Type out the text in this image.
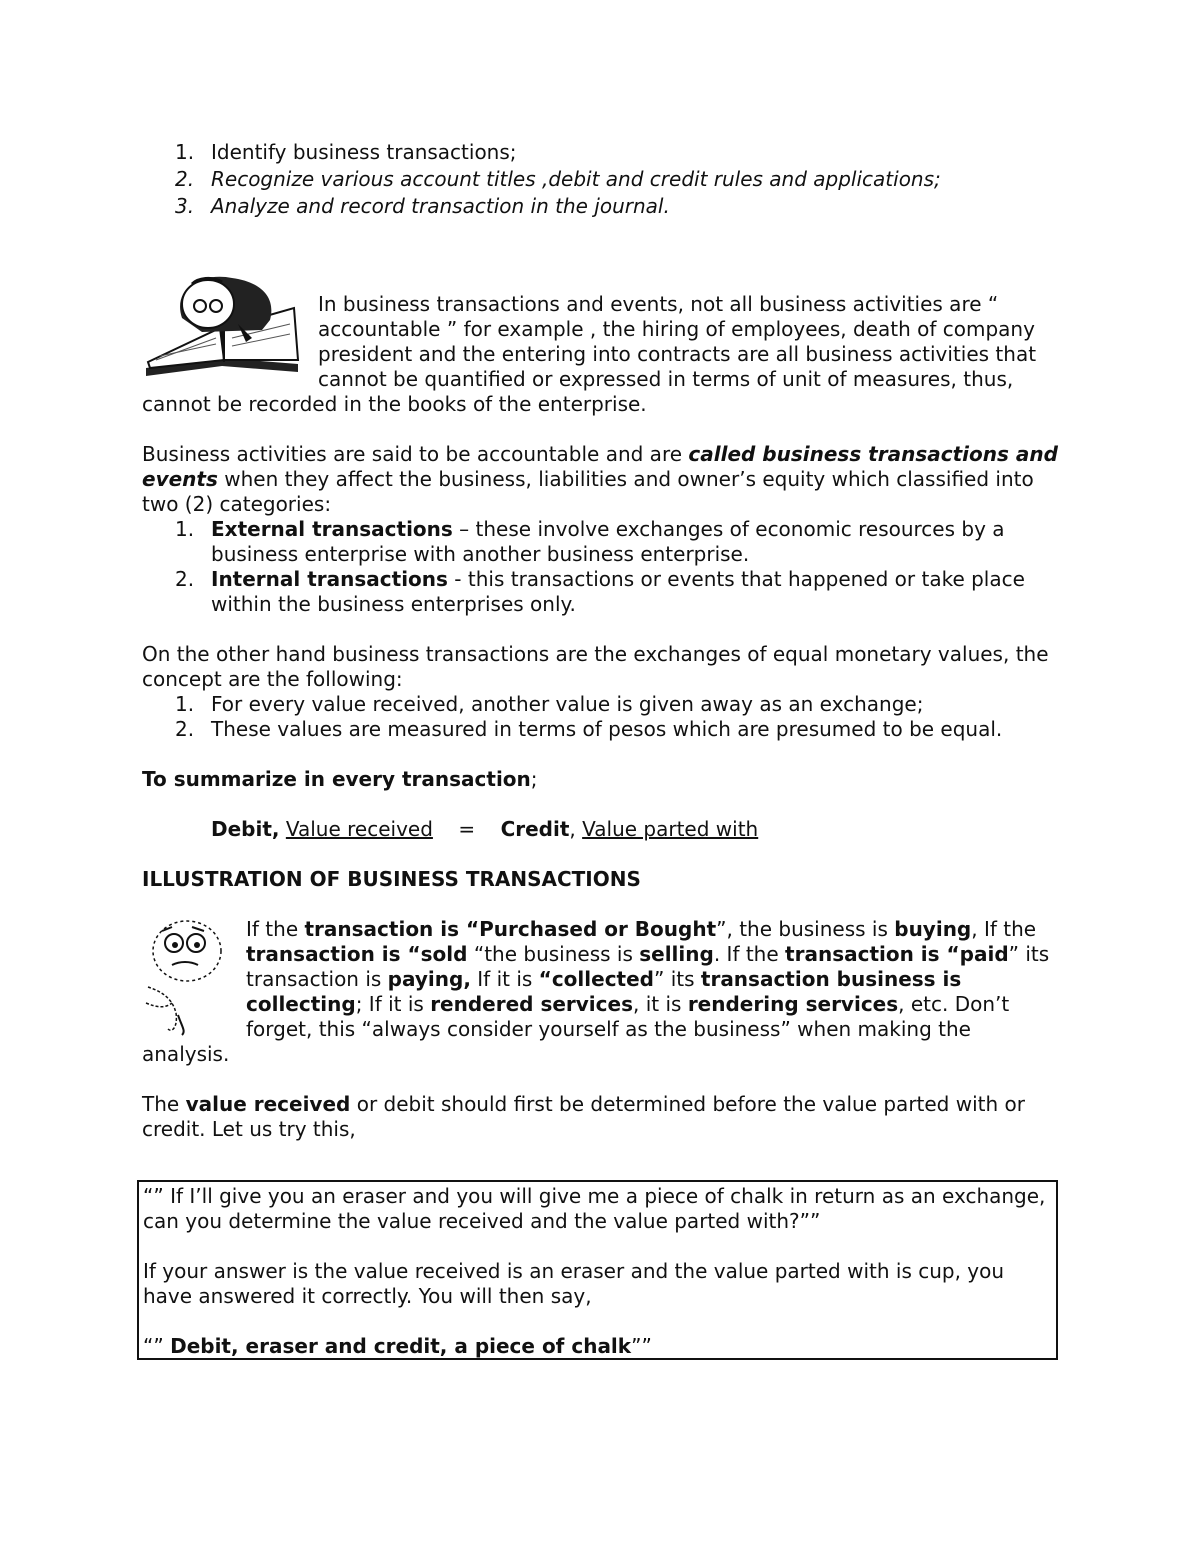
1. Identify business transactions;
2. Recognize various account titles ,debit and credit rules and applications;
3. Analyze and record transaction in the journal.

In business transactions and events, not all business activities are “ accountable ” for example , the hiring of employees, death of company president and the entering into contracts are all business activities that cannot be quantified or expressed in terms of unit of measures, thus, cannot be recorded in the books of the enterprise.

Business activities are said to be accountable and are called business transactions and events when they affect the business, liabilities and owner’s equity which classified into two (2) categories:

1. External transactions – these involve exchanges of economic resources by a business enterprise with another business enterprise.
2. Internal transactions - this transactions or events that happened or take place within the business enterprises only.

On the other hand business transactions are the exchanges of equal monetary values, the concept are the following:

1. For every value received, another value is given away as an exchange;
2. These values are measured in terms of pesos which are presumed to be equal.

To summarize in every transaction;

Debit, Value received = Credit, Value parted with

ILLUSTRATION OF BUSINESS TRANSACTIONS

If the transaction is “Purchased or Bought”, the business is buying, If the transaction is “sold “the business is selling. If the transaction is “paid” its transaction is paying, If it is “collected” its transaction business is collecting; If it is rendered services, it is rendering services, etc. Don’t forget, this “always consider yourself as the business” when making the analysis.

The value received or debit should first be determined before the value parted with or credit. Let us try this,

“” If I’ll give you an eraser and you will give me a piece of chalk in return as an exchange, can you determine the value received and the value parted with?””

If your answer is the value received is an eraser and the value parted with is cup, you have answered it correctly. You will then say,

“” Debit, eraser and credit, a piece of chalk””
